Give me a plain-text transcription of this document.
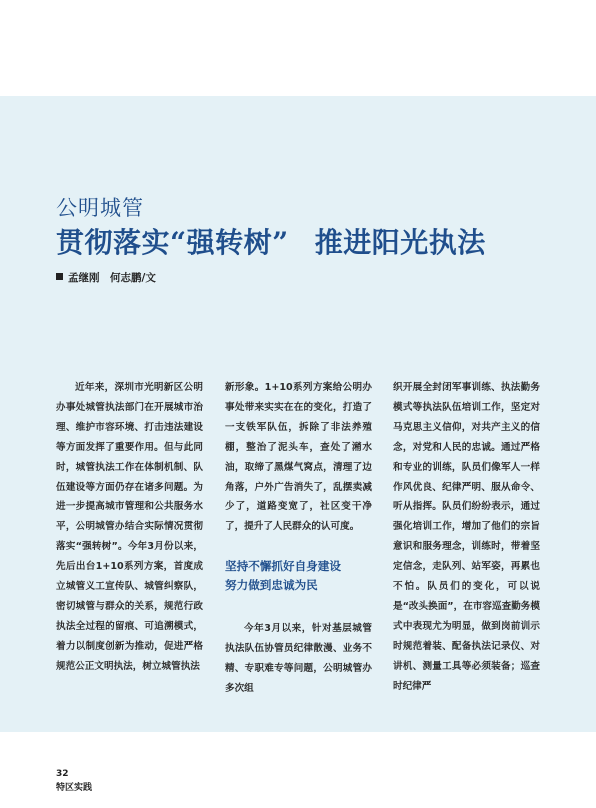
公明城管
贯彻落实“强转树” 推进阳光执法
孟继刚　何志鹏/文

近年来，深圳市光明新区公明办事处城管执法部门在开展城市治理、维护市容环境、打击违法建设等方面发挥了重要作用。但与此同时，城管执法工作在体制机制、队伍建设等方面仍存在诸多问题。为进一步提高城市管理和公共服务水平，公明城管办结合实际情况贯彻落实“强转树”。今年3月份以来，先后出台1+10系列方案，首度成立城管义工宣传队、城管纠察队，密切城管与群众的关系，规范行政执法全过程的留痕、可追溯模式，着力以制度创新为推动，促进严格规范公正文明执法，树立城管执法

新形象。1+10系列方案给公明办事处带来实实在在的变化，打造了一支铁军队伍，拆除了非法养殖棚，整治了泥头车，查处了潲水油，取缔了黑煤气窝点，清理了边角落，户外广告消失了，乱摆卖减少了，道路变宽了，社区变干净了，提升了人民群众的认可度。

坚持不懈抓好自身建设
努力做到忠诚为民

今年3月以来，针对基层城管执法队伍协管员纪律散漫、业务不精、专职难专等问题，公明城管办多次组

织开展全封闭军事训练、执法勤务模式等执法队伍培训工作，坚定对马克思主义信仰，对共产主义的信念，对党和人民的忠诚。通过严格和专业的训练，队员们像军人一样作风优良、纪律严明、服从命令、听从指挥。队员们纷纷表示，通过强化培训工作，增加了他们的宗旨意识和服务理念，训练时，带着坚定信念，走队列、站军姿，再累也不怕。队员们的变化，可以说是“改头换面”，在市容巡查勤务模式中表现尤为明显，做到岗前训示时规范着装、配备执法记录仪、对讲机、测量工具等必须装备；巡查时纪律严

32
特区实践
